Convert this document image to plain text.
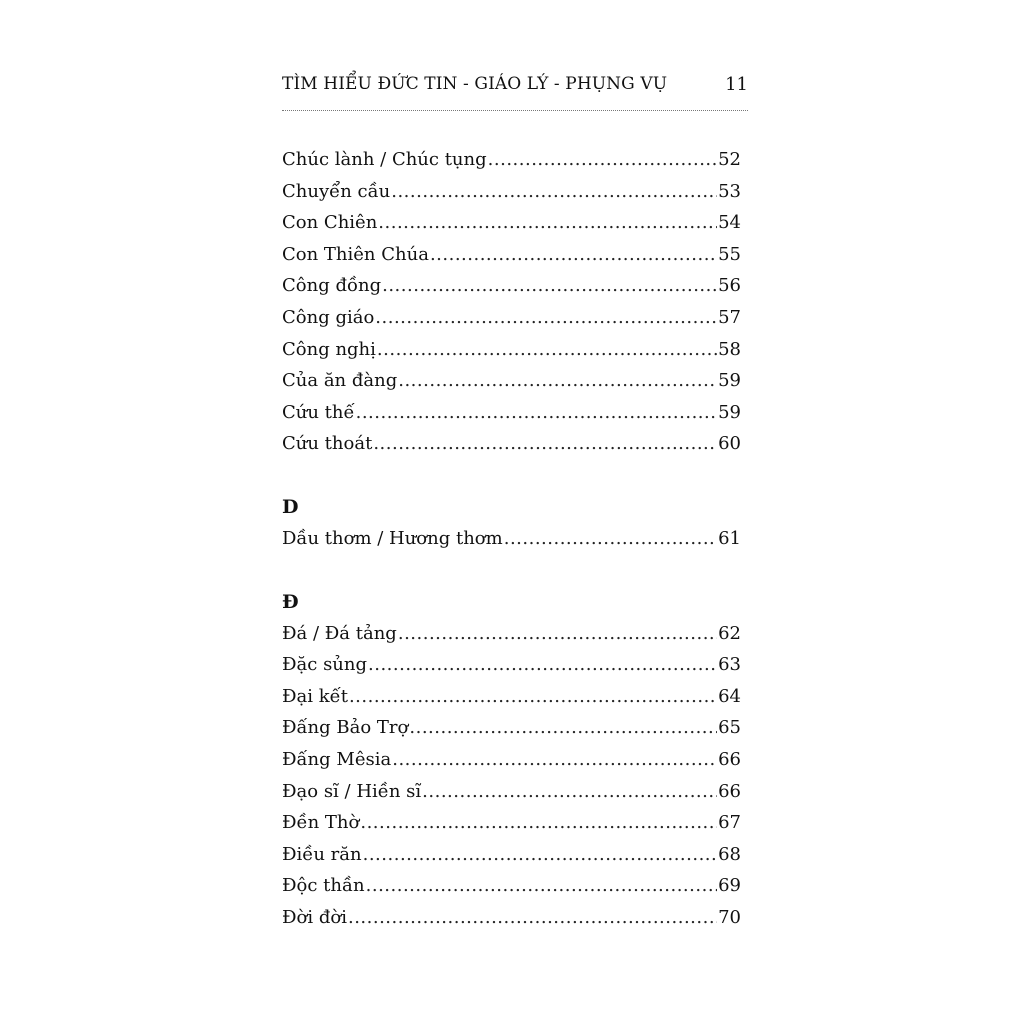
TÌM HIỂU ĐỨC TIN - GIÁO LÝ - PHỤNG VỤ	11
Chúc lành / Chúc tụng .....	52
Chuyển cầu .....	53
Con Chiên .....	54
Con Thiên Chúa .....	55
Công đồng .....	56
Công giáo .....	57
Công nghị .....	58
Của ăn đàng .....	59
Cứu thế .....	59
Cứu thoát .....	60
D
Dầu thơm / Hương thơm .....	61
Đ
Đá / Đá tảng .....	62
Đặc sủng .....	63
Đại kết .....	64
Đấng Bảo Trợ .....	65
Đấng Mêsia .....	66
Đạo sĩ / Hiền sĩ .....	66
Đền Thờ .....	67
Điều răn .....	68
Độc thần .....	69
Đời đời .....	70
